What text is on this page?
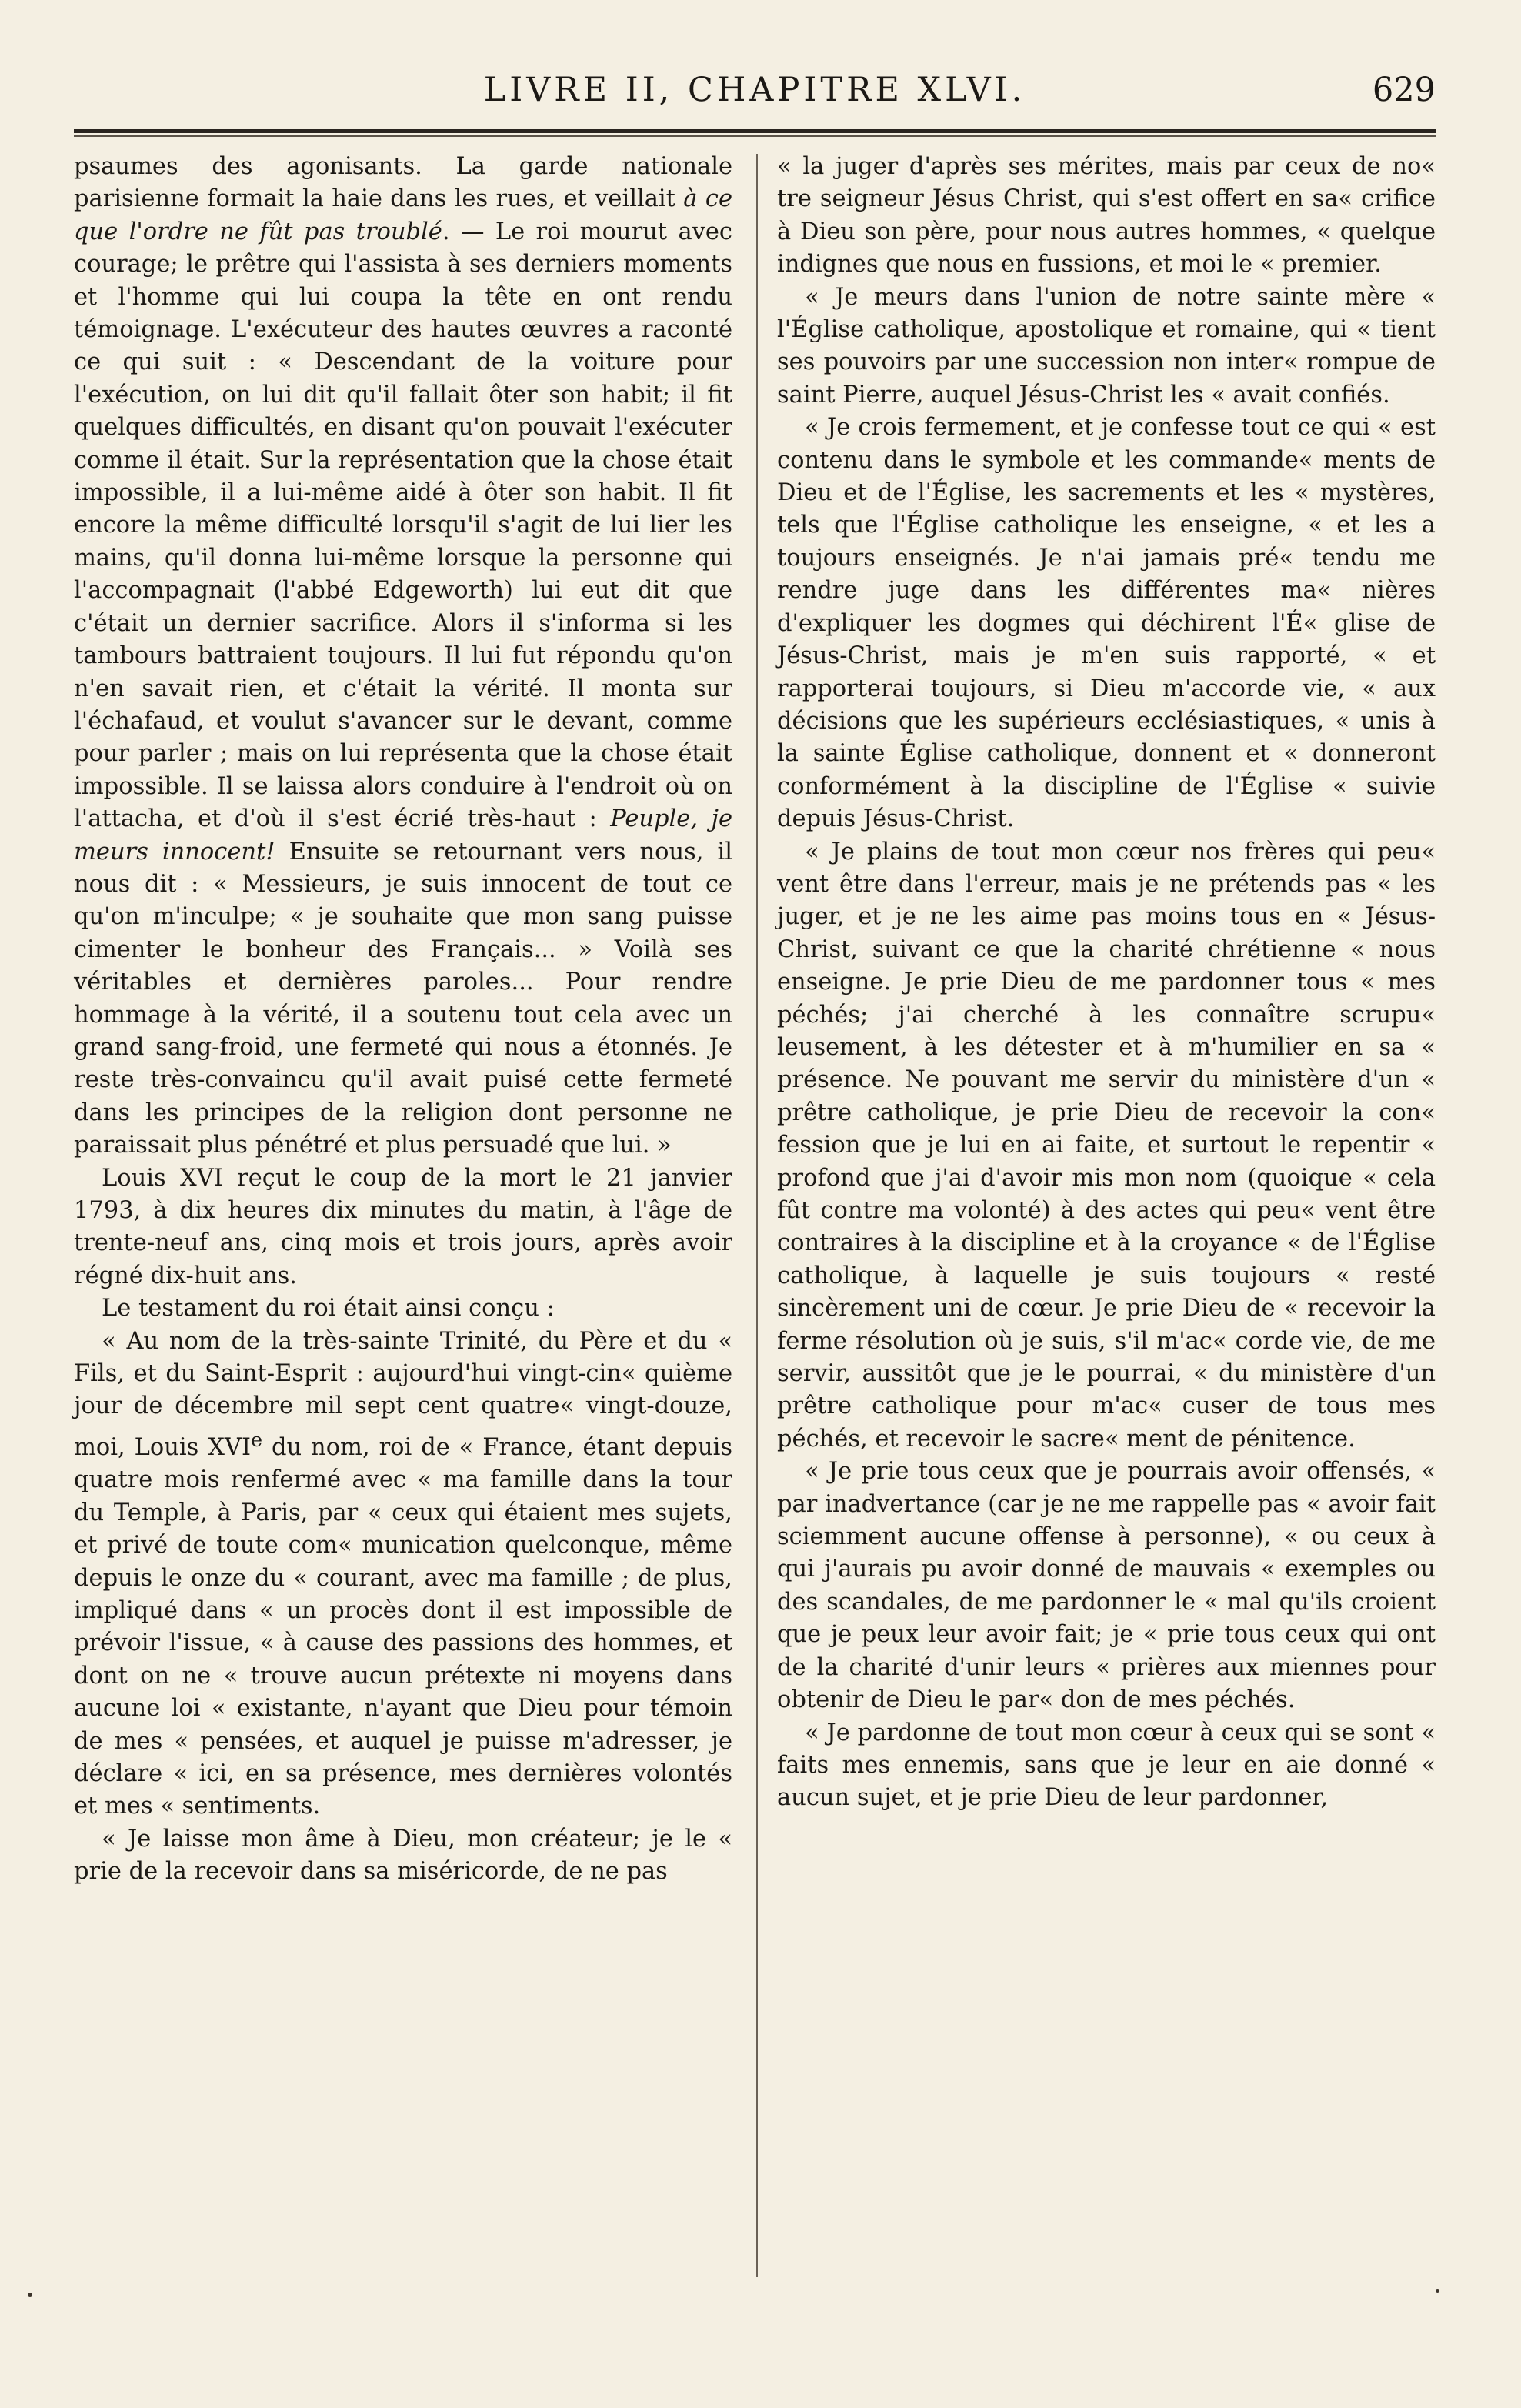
LIVRE II, CHAPITRE XLVI.	629

psaumes des agonisants. La garde nationale parisienne formait la haie dans les rues, et veillait à ce que l'ordre ne fût pas troublé. — Le roi mourut avec courage; le prêtre qui l'assista à ses derniers moments et l'homme qui lui coupa la tête en ont rendu témoignage. L'exécuteur des hautes œuvres a raconté ce qui suit : « Descendant de la voiture pour l'exécution, on lui dit qu'il fallait ôter son habit; il fit quelques difficultés, en disant qu'on pouvait l'exécuter comme il était. Sur la représentation que la chose était impossible, il a lui-même aidé à ôter son habit. Il fit encore la même difficulté lorsqu'il s'agit de lui lier les mains, qu'il donna lui-même lorsque la personne qui l'accompagnait (l'abbé Edgeworth) lui eut dit que c'était un dernier sacrifice. Alors il s'informa si les tambours battraient toujours. Il lui fut répondu qu'on n'en savait rien, et c'était la vérité. Il monta sur l'échafaud, et voulut s'avancer sur le devant, comme pour parler ; mais on lui représenta que la chose était impossible. Il se laissa alors conduire à l'endroit où on l'attacha, et d'où il s'est écrié très-haut : Peuple, je meurs innocent! Ensuite se retournant vers nous, il nous dit : « Messieurs, je suis innocent de tout ce qu'on m'inculpe; « je souhaite que mon sang puisse cimenter le bonheur des Français... » Voilà ses véritables et dernières paroles... Pour rendre hommage à la vérité, il a soutenu tout cela avec un grand sang-froid, une fermeté qui nous a étonnés. Je reste très-convaincu qu'il avait puisé cette fermeté dans les principes de la religion dont personne ne paraissait plus pénétré et plus persuadé que lui. »

Louis XVI reçut le coup de la mort le 21 janvier 1793, à dix heures dix minutes du matin, à l'âge de trente-neuf ans, cinq mois et trois jours, après avoir régné dix-huit ans.

Le testament du roi était ainsi conçu :

« Au nom de la très-sainte Trinité, du Père et du « Fils, et du Saint-Esprit : aujourd'hui vingt-cin« quième jour de décembre mil sept cent quatre« vingt-douze, moi, Louis XVIe du nom, roi de « France, étant depuis quatre mois renfermé avec « ma famille dans la tour du Temple, à Paris, par « ceux qui étaient mes sujets, et privé de toute com« munication quelconque, même depuis le onze du « courant, avec ma famille ; de plus, impliqué dans « un procès dont il est impossible de prévoir l'issue, « à cause des passions des hommes, et dont on ne « trouve aucun prétexte ni moyens dans aucune loi « existante, n'ayant que Dieu pour témoin de mes « pensées, et auquel je puisse m'adresser, je déclare « ici, en sa présence, mes dernières volontés et mes « sentiments.

« Je laisse mon âme à Dieu, mon créateur; je le « prie de la recevoir dans sa miséricorde, de ne pas

« la juger d'après ses mérites, mais par ceux de no« tre seigneur Jésus Christ, qui s'est offert en sa« crifice à Dieu son père, pour nous autres hommes, « quelque indignes que nous en fussions, et moi le « premier.

« Je meurs dans l'union de notre sainte mère « l'Église catholique, apostolique et romaine, qui « tient ses pouvoirs par une succession non inter« rompue de saint Pierre, auquel Jésus-Christ les « avait confiés.

« Je crois fermement, et je confesse tout ce qui « est contenu dans le symbole et les commande« ments de Dieu et de l'Église, les sacrements et les « mystères, tels que l'Église catholique les enseigne, « et les a toujours enseignés. Je n'ai jamais pré« tendu me rendre juge dans les différentes ma« nières d'expliquer les dogmes qui déchirent l'É« glise de Jésus-Christ, mais je m'en suis rapporté, « et rapporterai toujours, si Dieu m'accorde vie, « aux décisions que les supérieurs ecclésiastiques, « unis à la sainte Église catholique, donnent et « donneront conformément à la discipline de l'Église « suivie depuis Jésus-Christ.

« Je plains de tout mon cœur nos frères qui peu« vent être dans l'erreur, mais je ne prétends pas « les juger, et je ne les aime pas moins tous en « Jésus-Christ, suivant ce que la charité chrétienne « nous enseigne. Je prie Dieu de me pardonner tous « mes péchés; j'ai cherché à les connaître scrupu« leusement, à les détester et à m'humilier en sa « présence. Ne pouvant me servir du ministère d'un « prêtre catholique, je prie Dieu de recevoir la con« fession que je lui en ai faite, et surtout le repentir « profond que j'ai d'avoir mis mon nom (quoique « cela fût contre ma volonté) à des actes qui peu« vent être contraires à la discipline et à la croyance « de l'Église catholique, à laquelle je suis toujours « resté sincèrement uni de cœur. Je prie Dieu de « recevoir la ferme résolution où je suis, s'il m'ac« corde vie, de me servir, aussitôt que je le pourrai, « du ministère d'un prêtre catholique pour m'ac« cuser de tous mes péchés, et recevoir le sacre« ment de pénitence.

« Je prie tous ceux que je pourrais avoir offensés, « par inadvertance (car je ne me rappelle pas « avoir fait sciemment aucune offense à personne), « ou ceux à qui j'aurais pu avoir donné de mauvais « exemples ou des scandales, de me pardonner le « mal qu'ils croient que je peux leur avoir fait; je « prie tous ceux qui ont de la charité d'unir leurs « prières aux miennes pour obtenir de Dieu le par« don de mes péchés.

« Je pardonne de tout mon cœur à ceux qui se sont « faits mes ennemis, sans que je leur en aie donné « aucun sujet, et je prie Dieu de leur pardonner,
